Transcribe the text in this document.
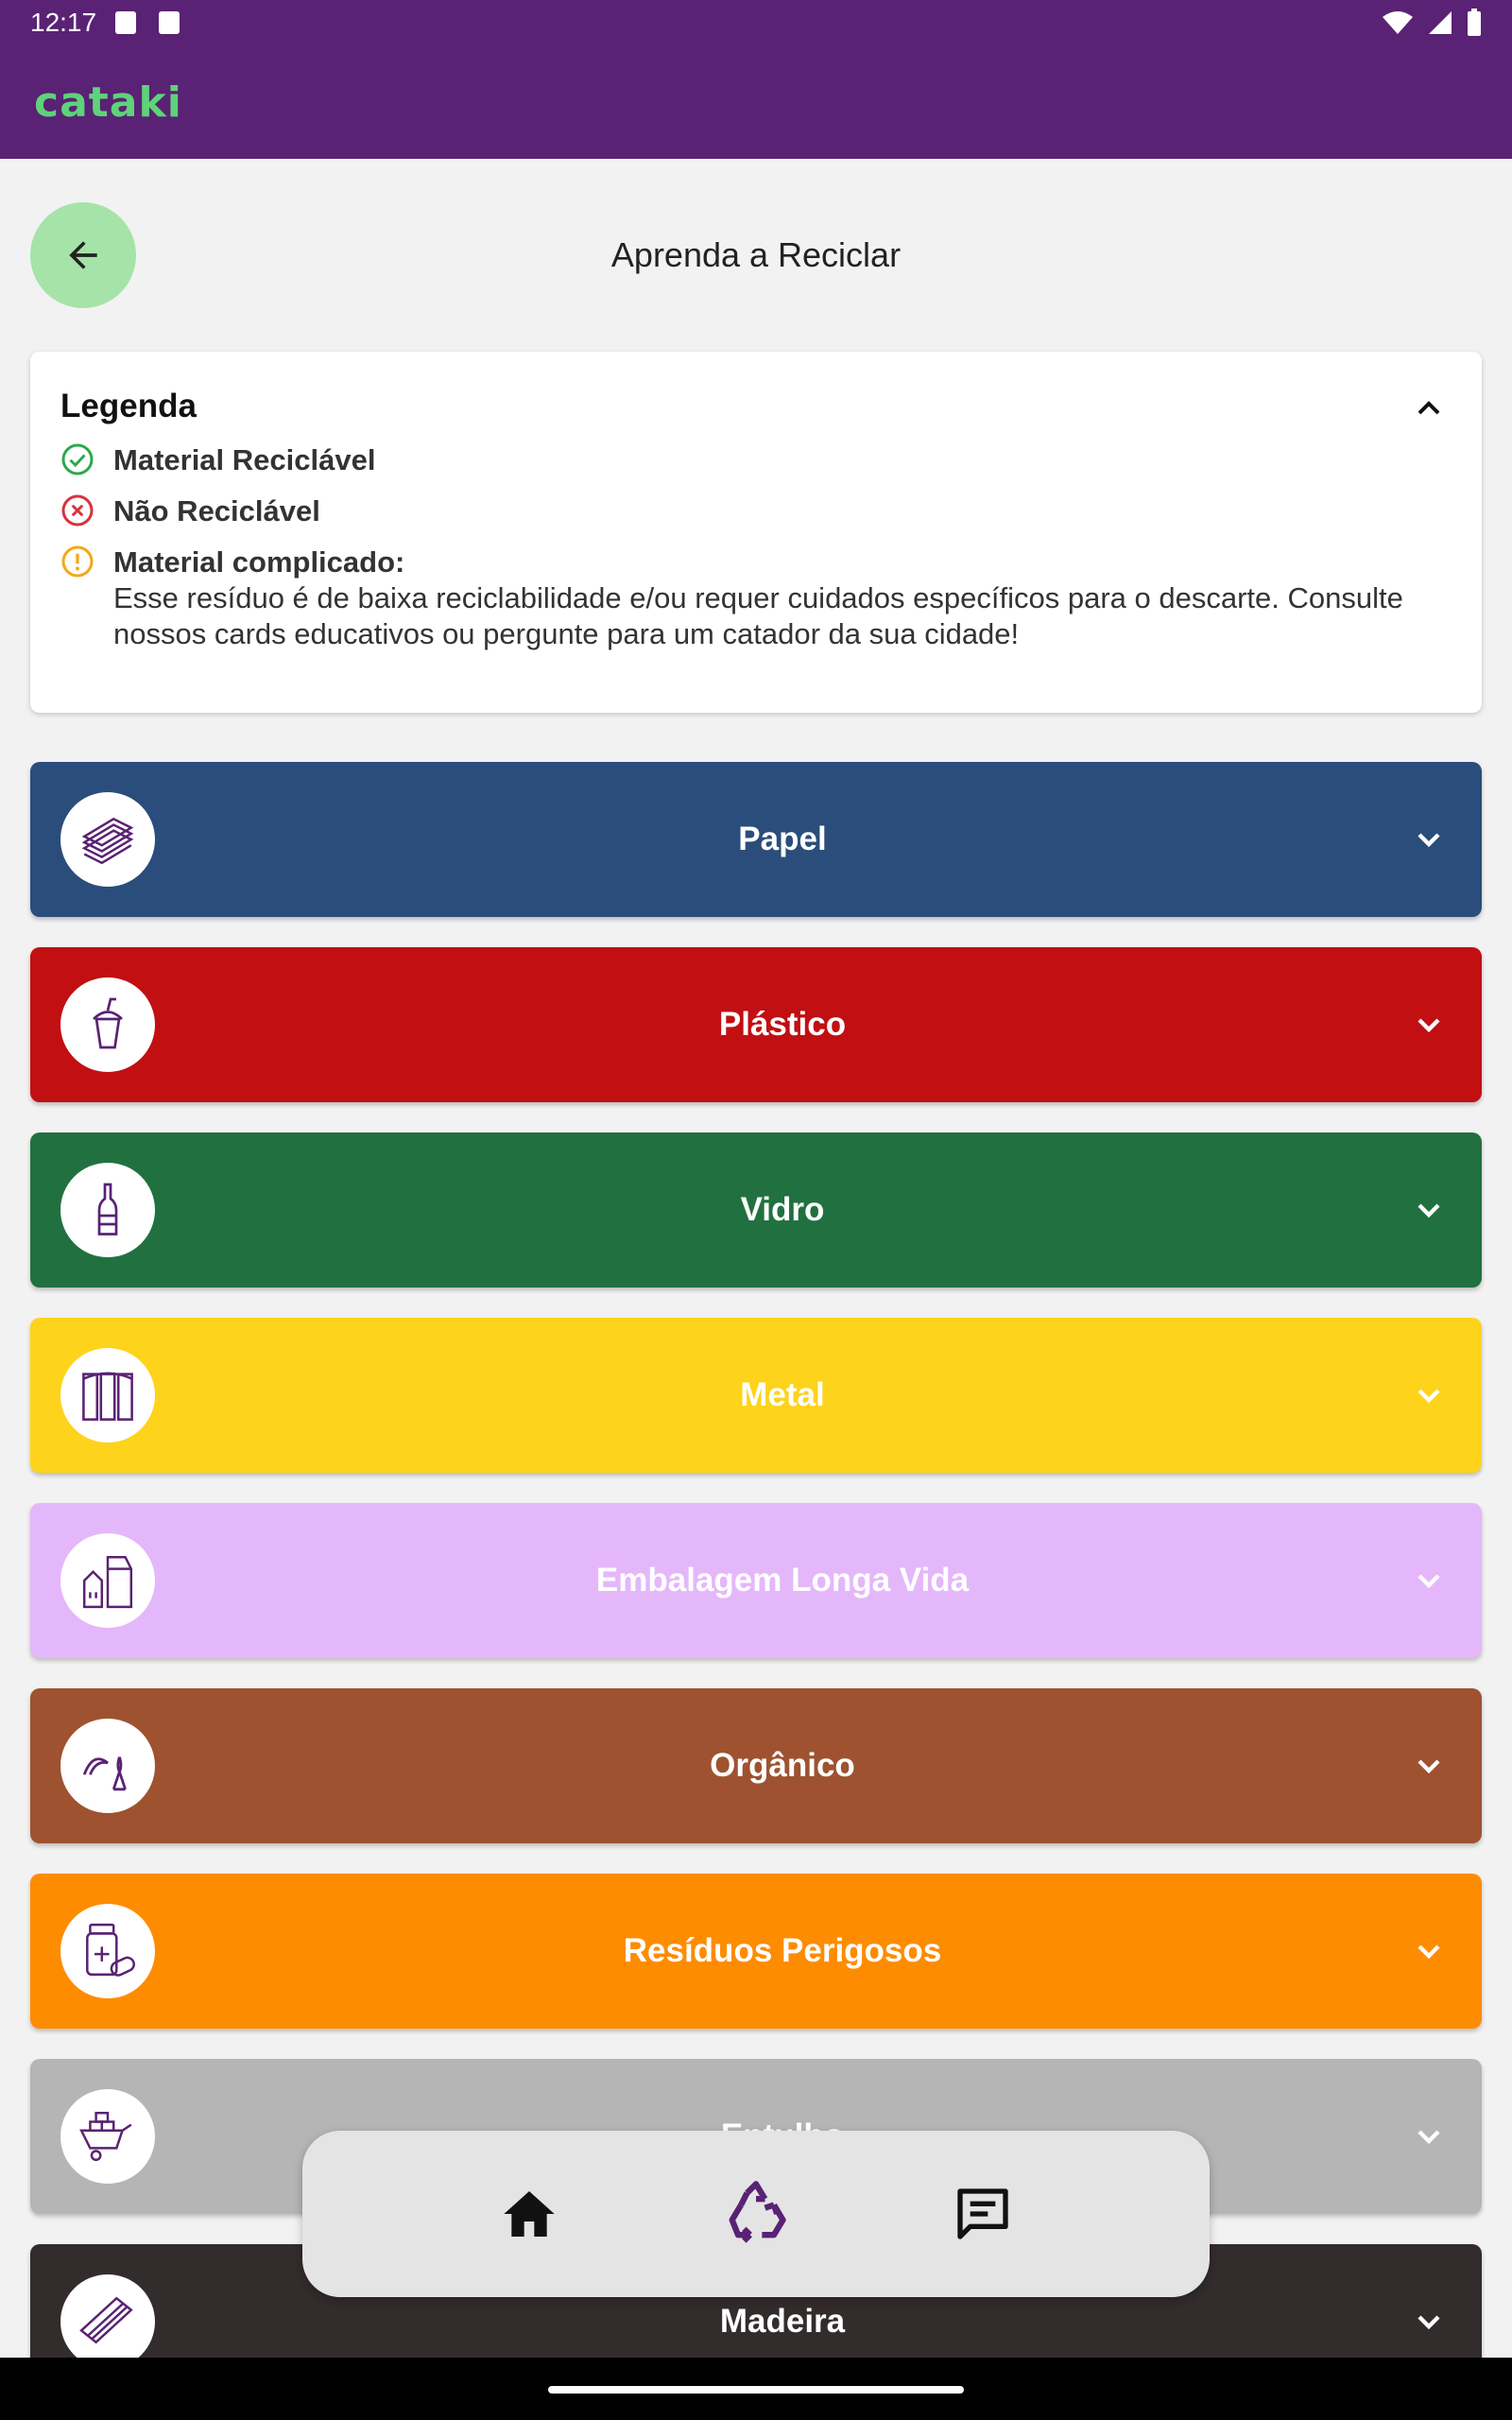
12:17
cataki
Aprenda a Reciclar
Legenda
Material Reciclável
Não Reciclável
Material complicado:
Esse resíduo é de baixa reciclabilidade e/ou requer cuidados específicos para o descarte. Consulte nossos cards educativos ou pergunte para um catador da sua cidade!
Papel
Plástico
Vidro
Metal
Embalagem Longa Vida
Orgânico
Resíduos Perigosos
Madeira
